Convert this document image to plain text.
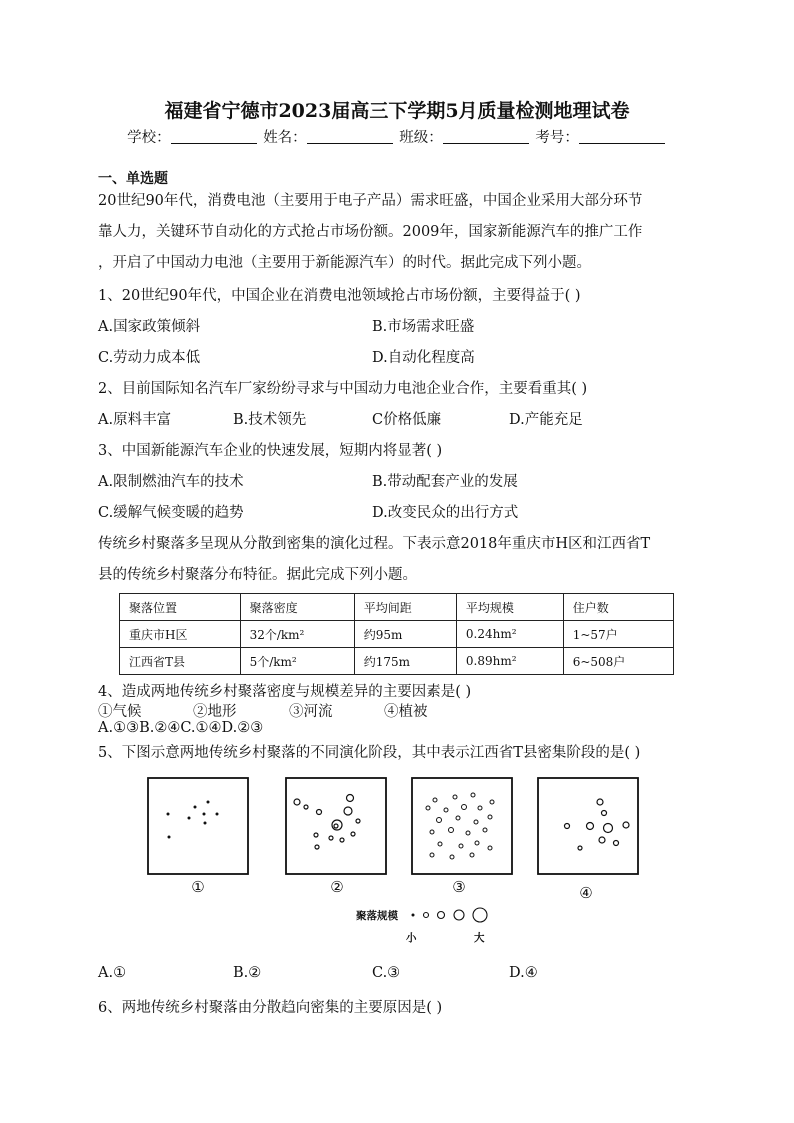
福建省宁德市2023届高三下学期5月质量检测地理试卷
学校：	姓名：	班级：	考号：
一、单选题
20世纪90年代，消费电池（主要用于电子产品）需求旺盛，中国企业采用大部分环节
靠人力，关键环节自动化的方式抢占市场份额。2009年，国家新能源汽车的推广工作
，开启了中国动力电池（主要用于新能源汽车）的时代。据此完成下列小题。
1、20世纪90年代，中国企业在消费电池领域抢占市场份额，主要得益于( )
A.国家政策倾斜	B.市场需求旺盛
C.劳动力成本低	D.自动化程度高
2、目前国际知名汽车厂家纷纷寻求与中国动力电池企业合作，主要看重其( )
A.原料丰富	B.技术领先	C价格低廉	D.产能充足
3、中国新能源汽车企业的快速发展，短期内将显著( )
A.限制燃油汽车的技术	B.带动配套产业的发展
C.缓解气候变暖的趋势	D.改变民众的出行方式
传统乡村聚落多呈现从分散到密集的演化过程。下表示意2018年重庆市H区和江西省T
县的传统乡村聚落分布特征。据此完成下列小题。
聚落位置	聚落密度	平均间距	平均规模	住户数
重庆市H区	32个/km²	约95m	0.24hm²	1~57户
江西省T县	5个/km²	约175m	0.89hm²	6~508户
4、造成两地传统乡村聚落密度与规模差异的主要因素是( )
①气候	②地形	③河流	④植被
A.①③B.②④C.①④D.②③
5、下图示意两地传统乡村聚落的不同演化阶段，其中表示江西省T县密集阶段的是( )
①	②	③	④
聚落规模
小	大
A.①	B.②	C.③	D.④
6、两地传统乡村聚落由分散趋向密集的主要原因是( )
